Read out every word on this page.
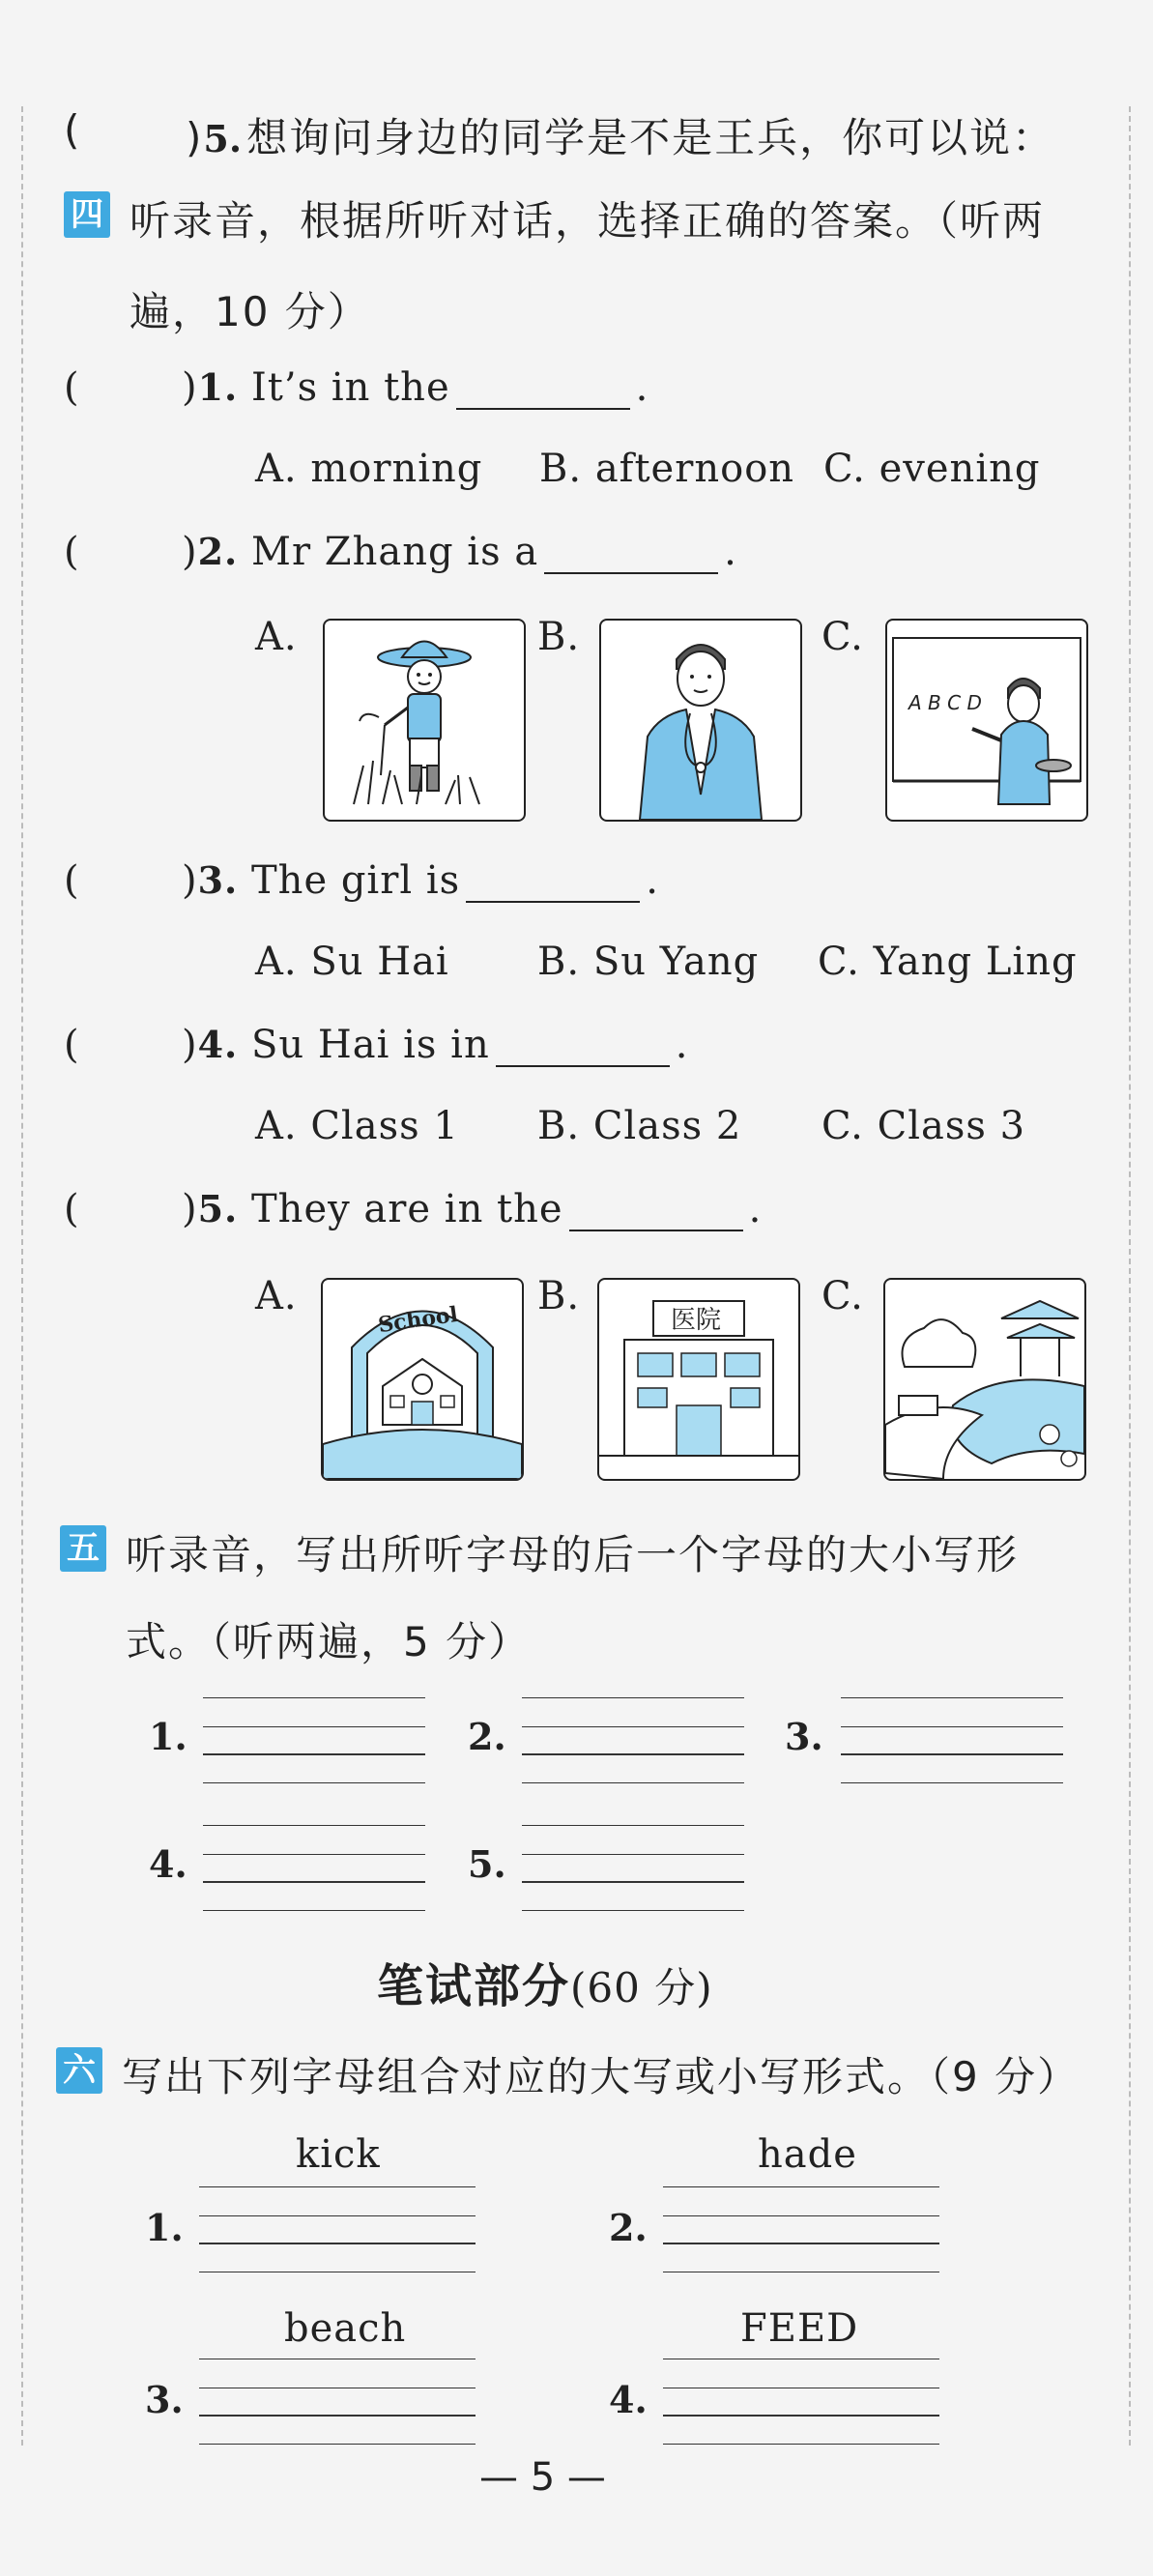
(	)5. 想询问身边的同学是不是王兵，你可以说：
四 听录音，根据所听对话，选择正确的答案。（听两
遍，10 分）
(	)1. It’s in the	.
A. morning B. afternoon C. evening
(	)2. Mr Zhang is a	.
A.	B.	C.
A B C D
(	)3. The girl is	.
A. Su Hai B. Su Yang C. Yang Ling
(	)4. Su Hai is in	.
A. Class 1 B. Class 2 C. Class 3
(	)5. They are in the	.
A.	B.	C.
School	医院
五 听录音，写出所听字母的后一个字母的大小写形
式。（听两遍，5 分）
1.	2.	3.
4.	5.
笔试部分(60 分)
六 写出下列字母组合对应的大写或小写形式。（9 分）
kick
1.
hade
2.
beach
3.
FEED
4.
— 5 —
